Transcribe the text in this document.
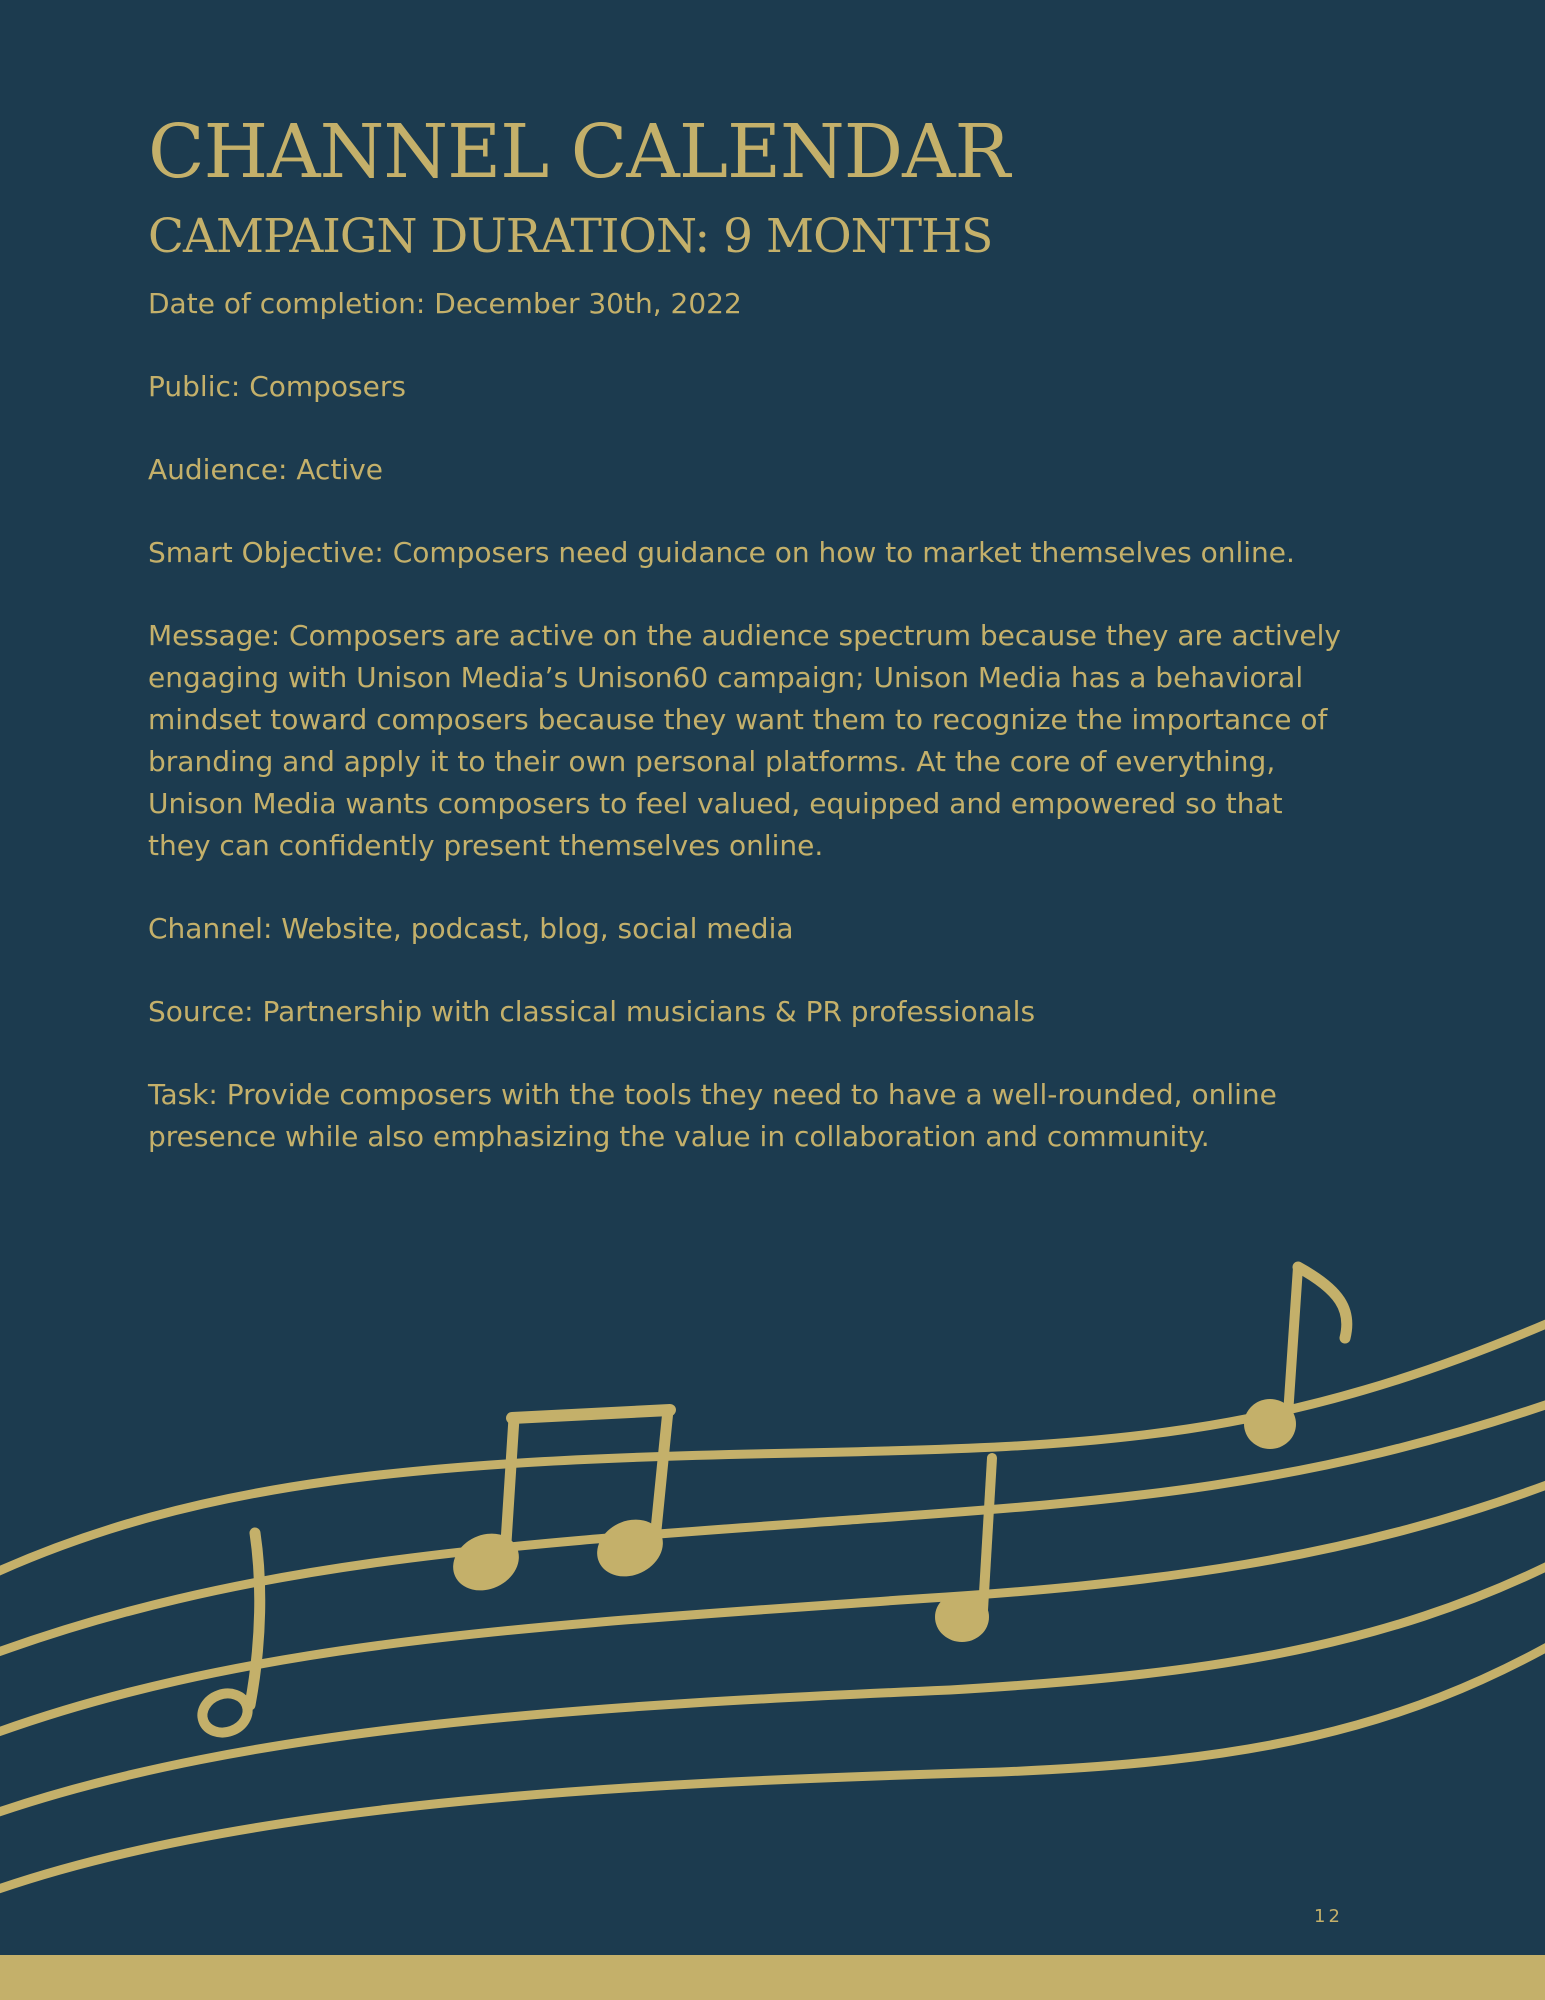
CHANNEL CALENDAR
CAMPAIGN DURATION: 9 MONTHS

Date of completion: December 30th, 2022

Public: Composers

Audience: Active

Smart Objective: Composers need guidance on how to market themselves online.

Message: Composers are active on the audience spectrum because they are actively engaging with Unison Media’s Unison60 campaign; Unison Media has a behavioral mindset toward composers because they want them to recognize the importance of branding and apply it to their own personal platforms. At the core of everything, Unison Media wants composers to feel valued, equipped and empowered so that they can confidently present themselves online.

Channel: Website, podcast, blog, social media

Source: Partnership with classical musicians & PR professionals

Task: Provide composers with the tools they need to have a well-rounded, online presence while also emphasizing the value in collaboration and community.

12
